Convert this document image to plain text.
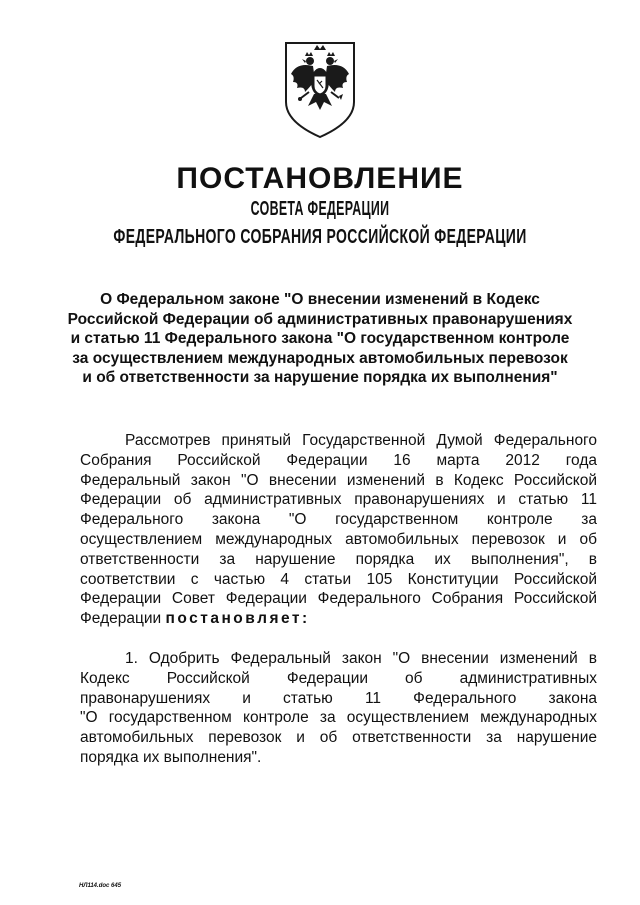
ПОСТАНОВЛЕНИЕ
СОВЕТА ФЕДЕРАЦИИ
ФЕДЕРАЛЬНОГО СОБРАНИЯ РОССИЙСКОЙ ФЕДЕРАЦИИ
О Федеральном законе "О внесении изменений в Кодекс
Российской Федерации об административных правонарушениях
и статью 11 Федерального закона "О государственном контроле
за осуществлением международных автомобильных перевозок
и об ответственности за нарушение порядка их выполнения"
Рассмотрев принятый Государственной Думой Федерального
Собрания Российской Федерации 16 марта 2012 года
Федеральный закон "О внесении изменений в Кодекс Российской
Федерации об административных правонарушениях и статью 11
Федерального закона "О государственном контроле за
осуществлением международных автомобильных перевозок и об
ответственности за нарушение порядка их выполнения", в
соответствии с частью 4 статьи 105 Конституции Российской
Федерации Совет Федерации Федерального Собрания Российской
Федерации постановляет:
1. Одобрить Федеральный закон "О внесении изменений в
Кодекс Российской Федерации об административных
правонарушениях и статью 11 Федерального закона
"О государственном контроле за осуществлением международных
автомобильных перевозок и об ответственности за нарушение
порядка их выполнения".
НЛ114.doc 645
